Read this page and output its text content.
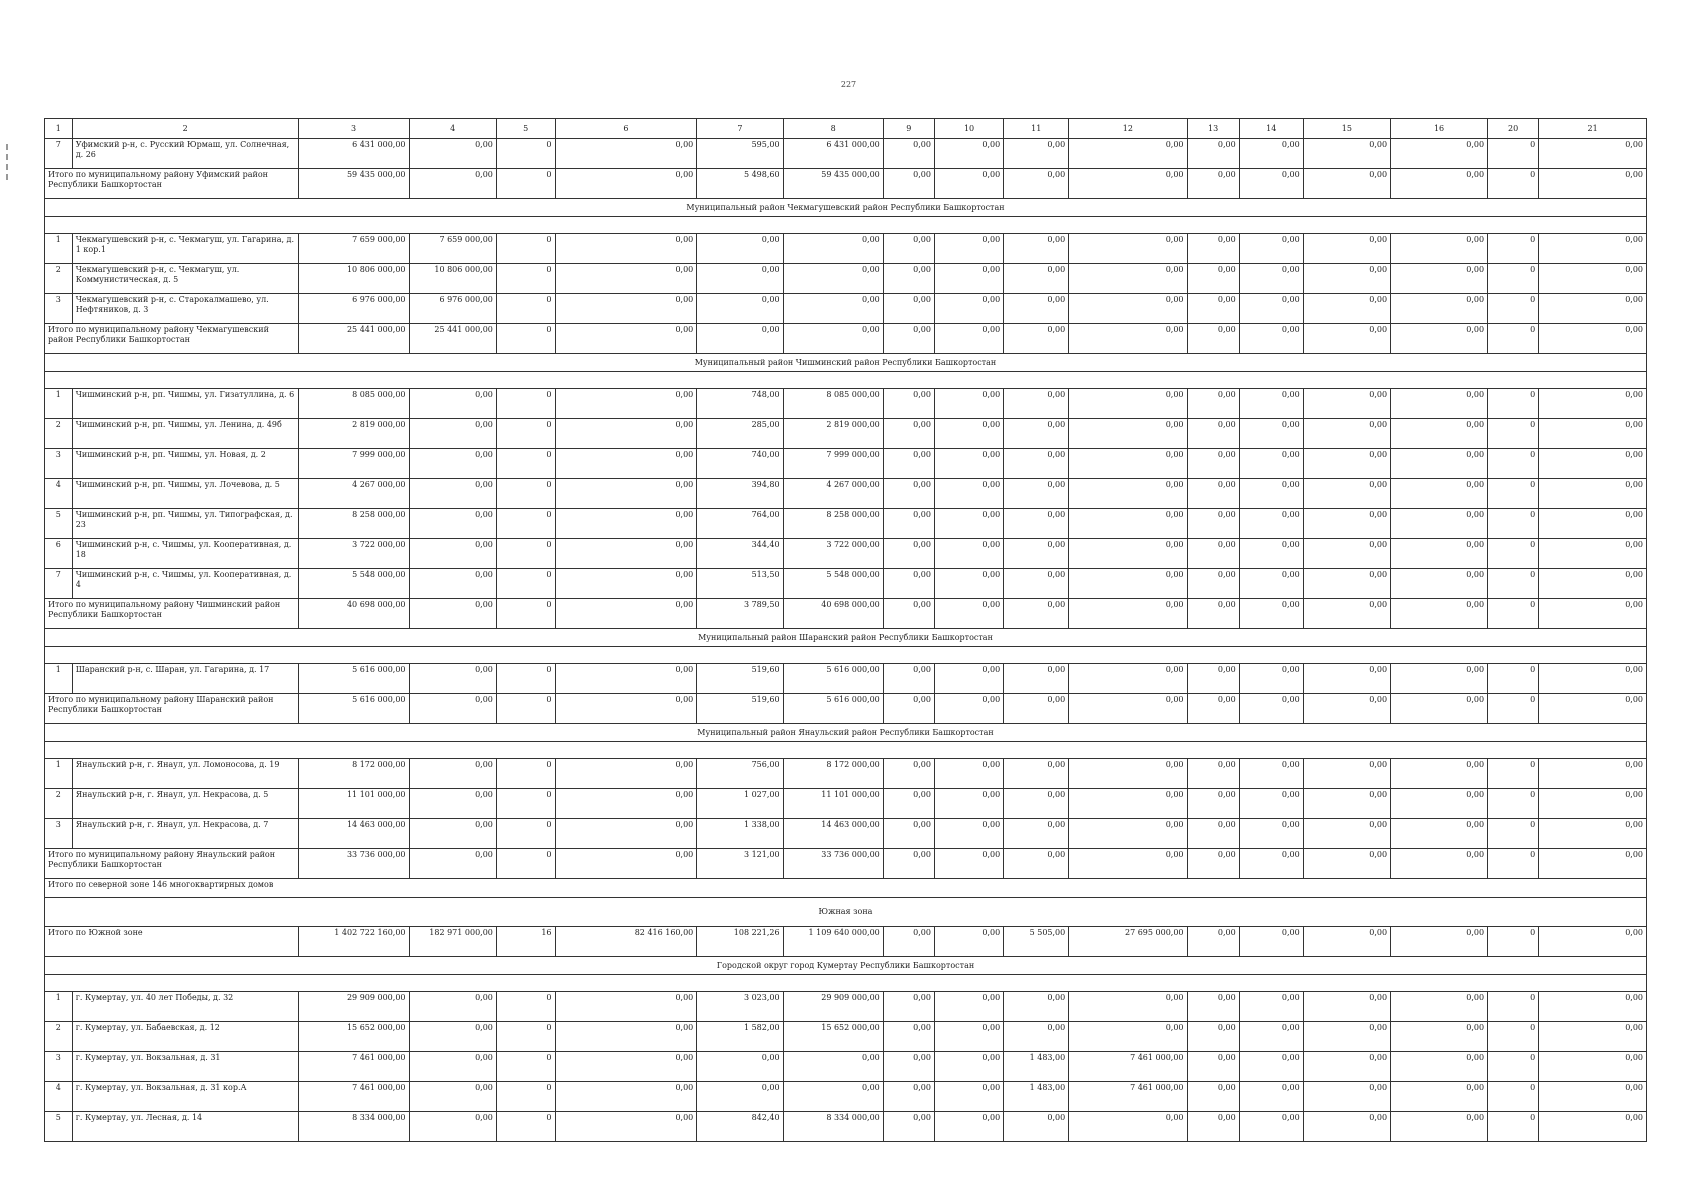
227
1	2	3	4	5	6	7	8	9	10	11	12	13	14	15	16	20	21
7	Уфимский р-н, с. Русский Юрмаш, ул. Солнечная, д. 26	6 431 000,00	0,00	0	0,00	595,00	6 431 000,00	0,00	0,00	0,00	0,00	0,00	0,00	0,00	0,00	0	0,00
Итого по муниципальному району Уфимский район Республики Башкортостан		59 435 000,00	0,00	0	0,00	5 498,60	59 435 000,00	0,00	0,00	0,00	0,00	0,00	0,00	0,00	0,00	0	0,00
Муниципальный район Чекмагушевский район Республики Башкортостан																	

1	Чекмагушевский р-н, с. Чекмагуш, ул. Гагарина, д. 1 кор.1	7 659 000,00	7 659 000,00	0	0,00	0,00	0,00	0,00	0,00	0,00	0,00	0,00	0,00	0,00	0,00	0	0,00
2	Чекмагушевский р-н, с. Чекмагуш, ул. Коммунистическая, д. 5	10 806 000,00	10 806 000,00	0	0,00	0,00	0,00	0,00	0,00	0,00	0,00	0,00	0,00	0,00	0,00	0	0,00
3	Чекмагушевский р-н, с. Старокалмашево, ул. Нефтяников, д. 3	6 976 000,00	6 976 000,00	0	0,00	0,00	0,00	0,00	0,00	0,00	0,00	0,00	0,00	0,00	0,00	0	0,00
Итого по муниципальному району Чекмагушевский район Республики Башкортостан		25 441 000,00	25 441 000,00	0	0,00	0,00	0,00	0,00	0,00	0,00	0,00	0,00	0,00	0,00	0,00	0	0,00
Муниципальный район Чишминский район Республики Башкортостан																	

1	Чишминский р-н, рп. Чишмы, ул. Гизатуллина, д. 6	8 085 000,00	0,00	0	0,00	748,00	8 085 000,00	0,00	0,00	0,00	0,00	0,00	0,00	0,00	0,00	0	0,00
2	Чишминский р-н, рп. Чишмы, ул. Ленина, д. 49б	2 819 000,00	0,00	0	0,00	285,00	2 819 000,00	0,00	0,00	0,00	0,00	0,00	0,00	0,00	0,00	0	0,00
3	Чишминский р-н, рп. Чишмы, ул. Новая, д. 2	7 999 000,00	0,00	0	0,00	740,00	7 999 000,00	0,00	0,00	0,00	0,00	0,00	0,00	0,00	0,00	0	0,00
4	Чишминский р-н, рп. Чишмы, ул. Лочевова, д. 5	4 267 000,00	0,00	0	0,00	394,80	4 267 000,00	0,00	0,00	0,00	0,00	0,00	0,00	0,00	0,00	0	0,00
5	Чишминский р-н, рп. Чишмы, ул. Типографская, д. 23	8 258 000,00	0,00	0	0,00	764,00	8 258 000,00	0,00	0,00	0,00	0,00	0,00	0,00	0,00	0,00	0	0,00
6	Чишминский р-н, с. Чишмы, ул. Кооперативная, д. 18	3 722 000,00	0,00	0	0,00	344,40	3 722 000,00	0,00	0,00	0,00	0,00	0,00	0,00	0,00	0,00	0	0,00
7	Чишминский р-н, с. Чишмы, ул. Кооперативная, д. 4	5 548 000,00	0,00	0	0,00	513,50	5 548 000,00	0,00	0,00	0,00	0,00	0,00	0,00	0,00	0,00	0	0,00
Итого по муниципальному району Чишминский район Республики Башкортостан		40 698 000,00	0,00	0	0,00	3 789,50	40 698 000,00	0,00	0,00	0,00	0,00	0,00	0,00	0,00	0,00	0	0,00
Муниципальный район Шаранский район Республики Башкортостан																	

1	Шаранский р-н, с. Шаран, ул. Гагарина, д. 17	5 616 000,00	0,00	0	0,00	519,60	5 616 000,00	0,00	0,00	0,00	0,00	0,00	0,00	0,00	0,00	0	0,00
Итого по муниципальному району Шаранский район Республики Башкортостан		5 616 000,00	0,00	0	0,00	519,60	5 616 000,00	0,00	0,00	0,00	0,00	0,00	0,00	0,00	0,00	0	0,00
Муниципальный район Янаульский район Республики Башкортостан																	

1	Янаульский р-н, г. Янаул, ул. Ломоносова, д. 19	8 172 000,00	0,00	0	0,00	756,00	8 172 000,00	0,00	0,00	0,00	0,00	0,00	0,00	0,00	0,00	0	0,00
2	Янаульский р-н, г. Янаул, ул. Некрасова, д. 5	11 101 000,00	0,00	0	0,00	1 027,00	11 101 000,00	0,00	0,00	0,00	0,00	0,00	0,00	0,00	0,00	0	0,00
3	Янаульский р-н, г. Янаул, ул. Некрасова, д. 7	14 463 000,00	0,00	0	0,00	1 338,00	14 463 000,00	0,00	0,00	0,00	0,00	0,00	0,00	0,00	0,00	0	0,00
Итого по муниципальному району Янаульский район Республики Башкортостан		33 736 000,00	0,00	0	0,00	3 121,00	33 736 000,00	0,00	0,00	0,00	0,00	0,00	0,00	0,00	0,00	0	0,00
Итого по северной зоне 146 многоквартирных домов																	
Южная зона																	
Итого по Южной зоне		1 402 722 160,00	182 971 000,00	16	82 416 160,00	108 221,26	1 109 640 000,00	0,00	0,00	5 505,00	27 695 000,00	0,00	0,00	0,00	0,00	0	0,00
Городской округ город Кумертау Республики Башкортостан																	

1	г. Кумертау, ул. 40 лет Победы, д. 32	29 909 000,00	0,00	0	0,00	3 023,00	29 909 000,00	0,00	0,00	0,00	0,00	0,00	0,00	0,00	0,00	0	0,00
2	г. Кумертау, ул. Бабаевская, д. 12	15 652 000,00	0,00	0	0,00	1 582,00	15 652 000,00	0,00	0,00	0,00	0,00	0,00	0,00	0,00	0,00	0	0,00
3	г. Кумертау, ул. Вокзальная, д. 31	7 461 000,00	0,00	0	0,00	0,00	0,00	0,00	0,00	1 483,00	7 461 000,00	0,00	0,00	0,00	0,00	0	0,00
4	г. Кумертау, ул. Вокзальная, д. 31 кор.А	7 461 000,00	0,00	0	0,00	0,00	0,00	0,00	0,00	1 483,00	7 461 000,00	0,00	0,00	0,00	0,00	0	0,00
5	г. Кумертау, ул. Лесная, д. 14	8 334 000,00	0,00	0	0,00	842,40	8 334 000,00	0,00	0,00	0,00	0,00	0,00	0,00	0,00	0,00	0	0,00
